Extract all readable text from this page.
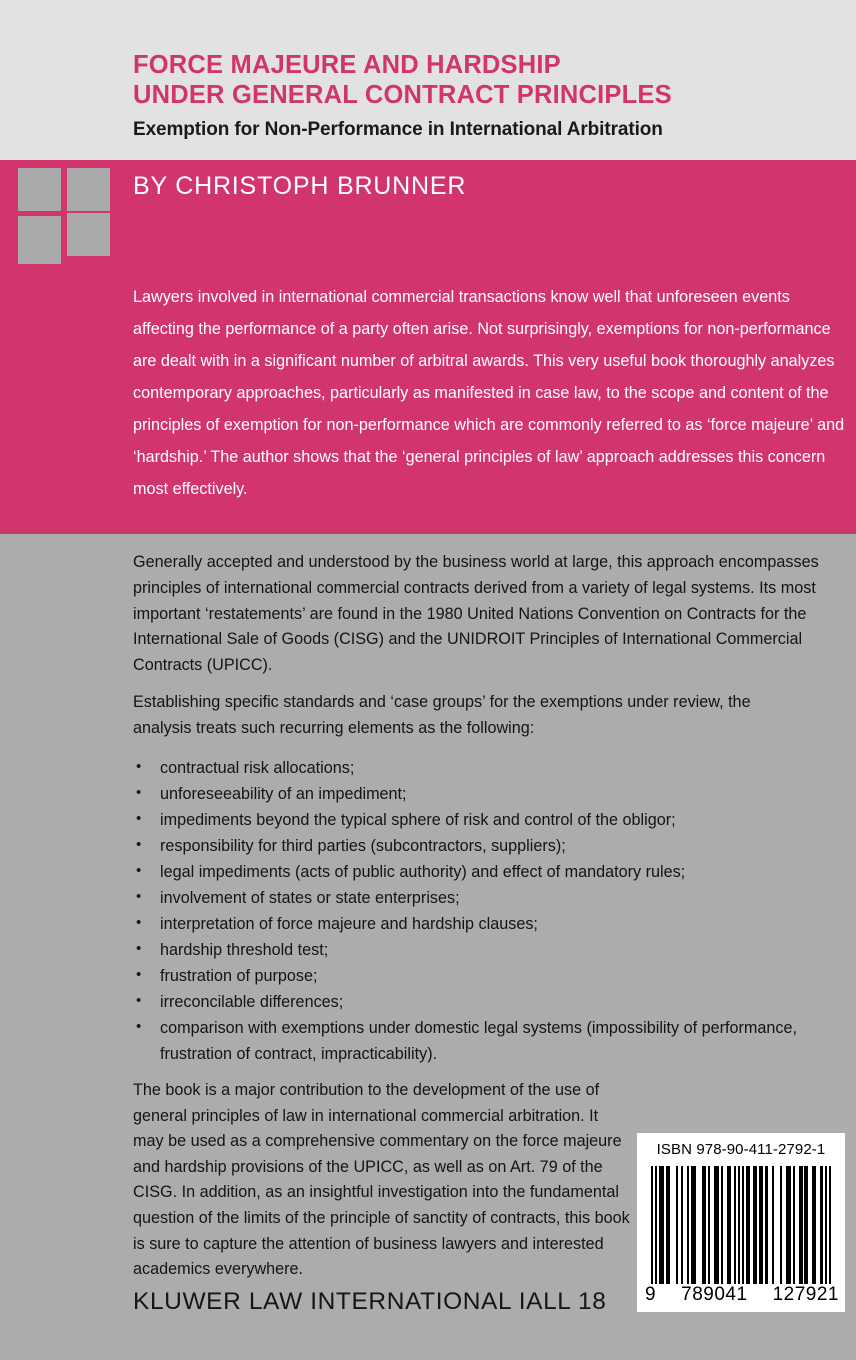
FORCE MAJEURE AND HARDSHIP
UNDER GENERAL CONTRACT PRINCIPLES
Exemption for Non-Performance in International Arbitration
BY CHRISTOPH BRUNNER
Lawyers involved in international commercial transactions know well that unforeseen events affecting the performance of a party often arise. Not surprisingly, exemptions for non-performance are dealt with in a significant number of arbitral awards. This very useful book thoroughly analyzes contemporary approaches, particularly as manifested in case law, to the scope and content of the principles of exemption for non-performance which are commonly referred to as ‘force majeure’ and ‘hardship.’ The author shows that the ‘general principles of law’ approach addresses this concern most effectively.
Generally accepted and understood by the business world at large, this approach encompasses principles of international commercial contracts derived from a variety of legal systems. Its most important ‘restatements’ are found in the 1980 United Nations Convention on Contracts for the International Sale of Goods (CISG) and the UNIDROIT Principles of International Commercial Contracts (UPICC).
Establishing specific standards and ‘case groups’ for the exemptions under review, the analysis treats such recurring elements as the following:
• contractual risk allocations;
• unforeseeability of an impediment;
• impediments beyond the typical sphere of risk and control of the obligor;
• responsibility for third parties (subcontractors, suppliers);
• legal impediments (acts of public authority) and effect of mandatory rules;
• involvement of states or state enterprises;
• interpretation of force majeure and hardship clauses;
• hardship threshold test;
• frustration of purpose;
• irreconcilable differences;
• comparison with exemptions under domestic legal systems (impossibility of performance, frustration of contract, impracticability).
The book is a major contribution to the development of the use of general principles of law in international commercial arbitration. It may be used as a comprehensive commentary on the force majeure and hardship provisions of the UPICC, as well as on Art. 79 of the CISG. In addition, as an insightful investigation into the fundamental question of the limits of the principle of sanctity of contracts, this book is sure to capture the attention of business lawyers and interested academics everywhere.
KLUWER LAW INTERNATIONAL IALL 18
ISBN 978-90-411-2792-1
9 789041 127921
